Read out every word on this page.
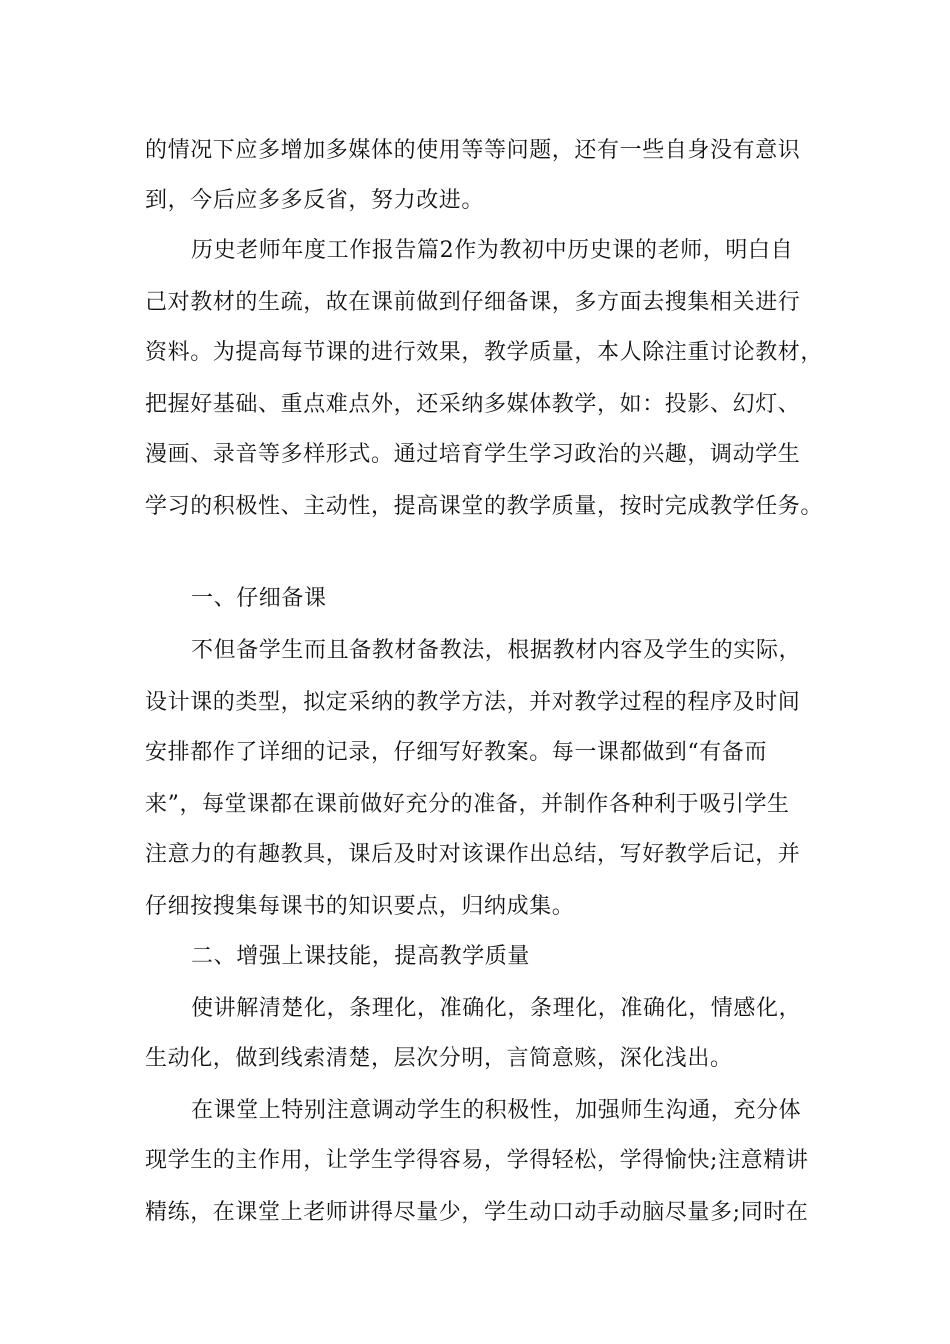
的情况下应多增加多媒体的使用等等问题，还有一些自身没有意识
到，今后应多多反省，努力改进。
历史老师年度工作报告篇2作为教初中历史课的老师，明白自
己对教材的生疏，故在课前做到仔细备课，多方面去搜集相关进行
资料。为提高每节课的进行效果，教学质量，本人除注重讨论教材，
把握好基础、重点难点外，还采纳多媒体教学，如：投影、幻灯、
漫画、录音等多样形式。通过培育学生学习政治的兴趣，调动学生
学习的积极性、主动性，提高课堂的教学质量，按时完成教学任务。
一、仔细备课
不但备学生而且备教材备教法，根据教材内容及学生的实际，
设计课的类型，拟定采纳的教学方法，并对教学过程的程序及时间
安排都作了详细的记录，仔细写好教案。每一课都做到“有备而
来”，每堂课都在课前做好充分的准备，并制作各种利于吸引学生
注意力的有趣教具，课后及时对该课作出总结，写好教学后记，并
仔细按搜集每课书的知识要点，归纳成集。
二、增强上课技能，提高教学质量
使讲解清楚化，条理化，准确化，条理化，准确化，情感化，
生动化，做到线索清楚，层次分明，言简意赅，深化浅出。
在课堂上特别注意调动学生的积极性，加强师生沟通，充分体
现学生的主作用，让学生学得容易，学得轻松，学得愉快;注意精讲
精练，在课堂上老师讲得尽量少，学生动口动手动脑尽量多;同时在
